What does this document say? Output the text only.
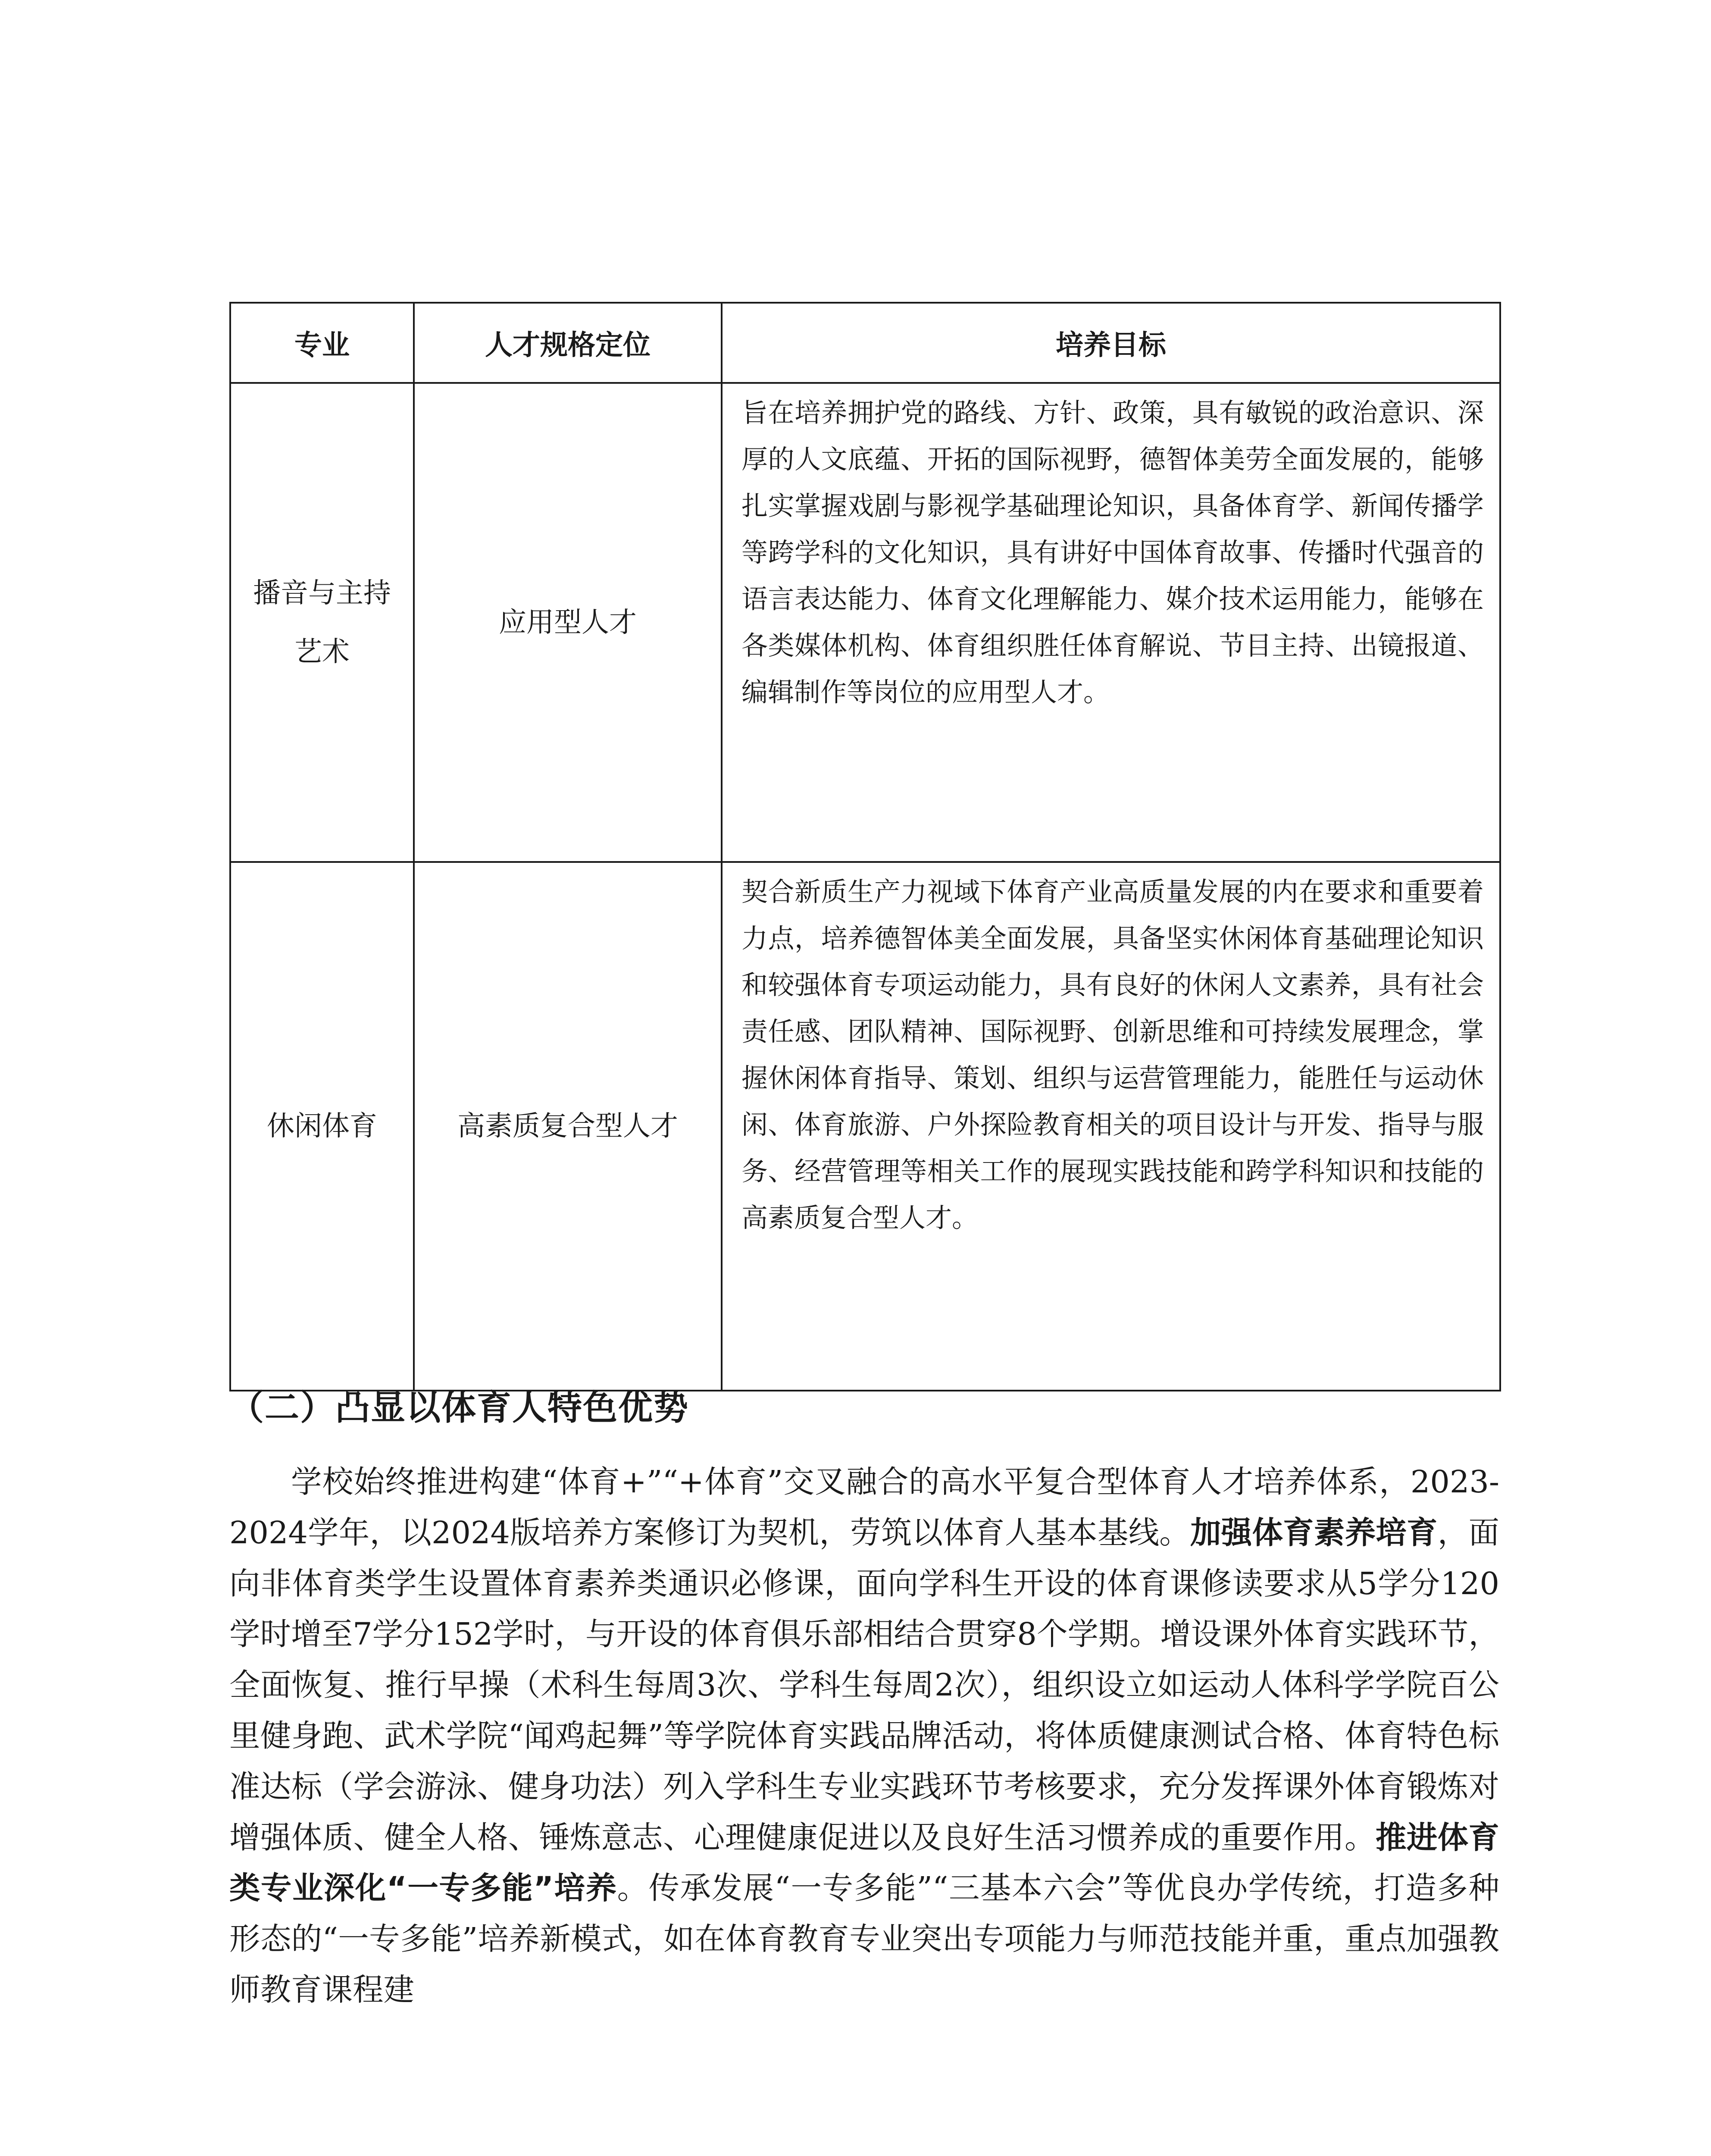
专业	人才规格定位	培养目标
播音与主持艺术	应用型人才	旨在培养拥护党的路线、方针、政策，具有敏锐的政治意识、深厚的人文底蕴、开拓的国际视野，德智体美劳全面发展的，能够扎实掌握戏剧与影视学基础理论知识，具备体育学、新闻传播学等跨学科的文化知识，具有讲好中国体育故事、传播时代强音的语言表达能力、体育文化理解能力、媒介技术运用能力，能够在各类媒体机构、体育组织胜任体育解说、节目主持、出镜报道、编辑制作等岗位的应用型人才。
休闲体育	高素质复合型人才	契合新质生产力视域下体育产业高质量发展的内在要求和重要着力点，培养德智体美全面发展，具备坚实休闲体育基础理论知识和较强体育专项运动能力，具有良好的休闲人文素养，具有社会责任感、团队精神、国际视野、创新思维和可持续发展理念，掌握休闲体育指导、策划、组织与运营管理能力，能胜任与运动休闲、体育旅游、户外探险教育相关的项目设计与开发、指导与服务、经营管理等相关工作的展现实践技能和跨学科知识和技能的高素质复合型人才。
（二）凸显以体育人特色优势

学校始终推进构建“体育+”“+体育”交叉融合的高水平复合型体育人才培养体系，2023-2024学年，以2024版培养方案修订为契机，劳筑以体育人基本基线。加强体育素养培育，面向非体育类学生设置体育素养类通识必修课，面向学科生开设的体育课修读要求从5学分120学时增至7学分152学时，与开设的体育俱乐部相结合贯穿8个学期。增设课外体育实践环节，全面恢复、推行早操（术科生每周3次、学科生每周2次），组织设立如运动人体科学学院百公里健身跑、武术学院“闻鸡起舞”等学院体育实践品牌活动，将体质健康测试合格、体育特色标准达标（学会游泳、健身功法）列入学科生专业实践环节考核要求，充分发挥课外体育锻炼对增强体质、健全人格、锤炼意志、心理健康促进以及良好生活习惯养成的重要作用。推进体育类专业深化“一专多能”培养。传承发展“一专多能”“三基本六会”等优良办学传统，打造多种形态的“一专多能”培养新模式，如在体育教育专业突出专项能力与师范技能并重，重点加强教师教育课程建
